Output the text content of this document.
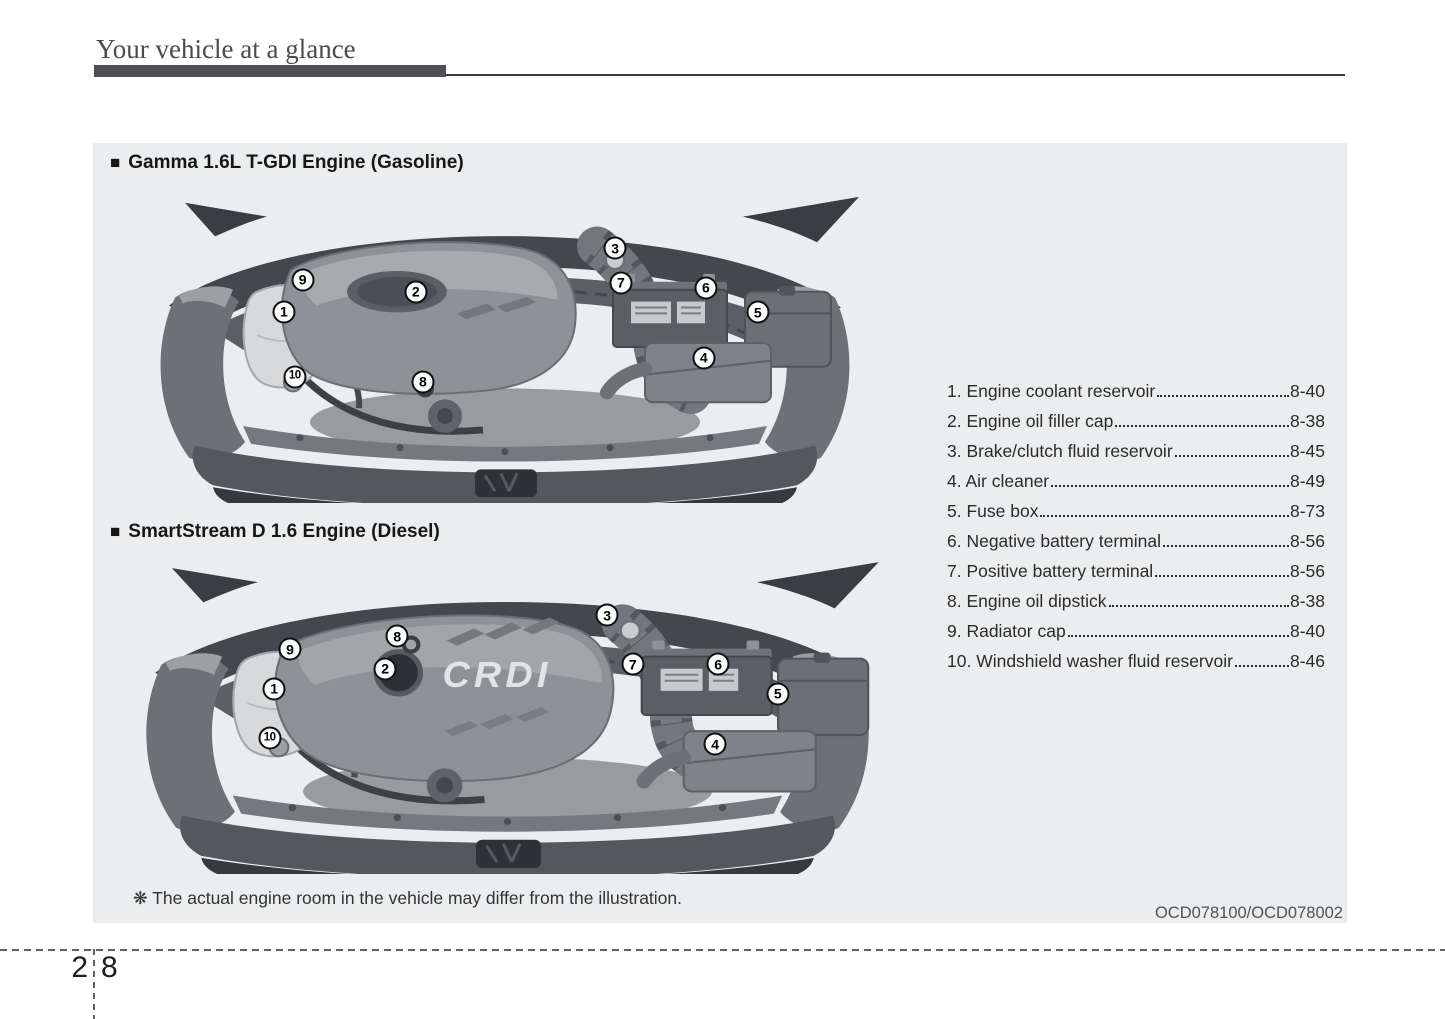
Your vehicle at a glance
■ Gamma 1.6L T-GDI Engine (Gasoline)
1
2
3
4
5
6
7
8
9
10
■ SmartStream D 1.6 Engine (Diesel)
CRDI
1
2
3
4
5
6
7
8
9
10
1. Engine coolant reservoir	8-40
2. Engine oil filler cap	8-38
3. Brake/clutch fluid reservoir	8-45
4. Air cleaner	8-49
5. Fuse box	8-73
6. Negative battery terminal	8-56
7. Positive battery terminal	8-56
8. Engine oil dipstick	8-38
9. Radiator cap	8-40
10. Windshield washer fluid reservoir	8-46
❋ The actual engine room in the vehicle may differ from the illustration.
OCD078100/OCD078002
2 8
